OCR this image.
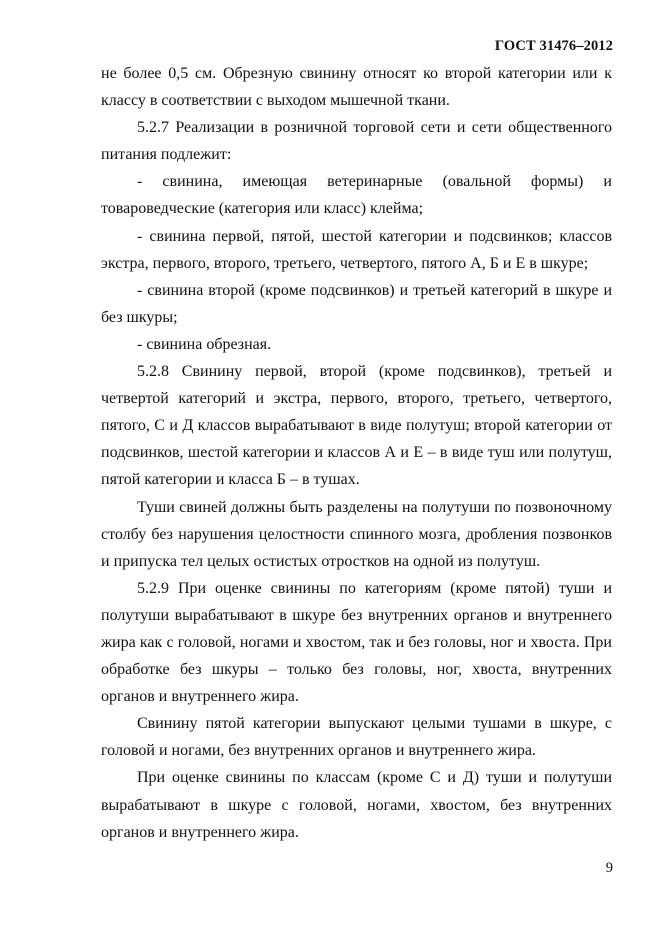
ГОСТ 31476–2012

не более 0,5 см. Обрезную свинину относят ко второй категории или к классу в соответствии с выходом мышечной ткани.

5.2.7 Реализации в розничной торговой сети и сети общественного питания подлежит:

- свинина, имеющая ветеринарные (овальной формы) и товароведческие (категория или класс) клейма;

- свинина первой, пятой, шестой категории и подсвинков; классов экстра, первого, второго, третьего, четвертого, пятого А, Б и Е в шкуре;

- свинина второй (кроме подсвинков) и третьей категорий в шкуре и без шкуры;

- свинина обрезная.

5.2.8 Свинину первой, второй (кроме подсвинков), третьей и четвертой категорий и экстра, первого, второго, третьего, четвертого, пятого, С и Д классов вырабатывают в виде полутуш; второй категории от подсвинков, шестой категории и классов А и Е – в виде туш или полутуш, пятой категории и класса Б – в тушах.

Туши свиней должны быть разделены на полутуши по позвоночному столбу без нарушения целостности спинного мозга, дробления позвонков и припуска тел целых остистых отростков на одной из полутуш.

5.2.9 При оценке свинины по категориям (кроме пятой) туши и полутуши вырабатывают в шкуре без внутренних органов и внутреннего жира как с головой, ногами и хвостом, так и без головы, ног и хвоста. При обработке без шкуры – только без головы, ног, хвоста, внутренних органов и внутреннего жира.

Свинину пятой категории выпускают целыми тушами в шкуре, с головой и ногами, без внутренних органов и внутреннего жира.

При оценке свинины по классам (кроме С и Д) туши и полутуши вырабатывают в шкуре с головой, ногами, хвостом, без внутренних органов и внутреннего жира.

9
